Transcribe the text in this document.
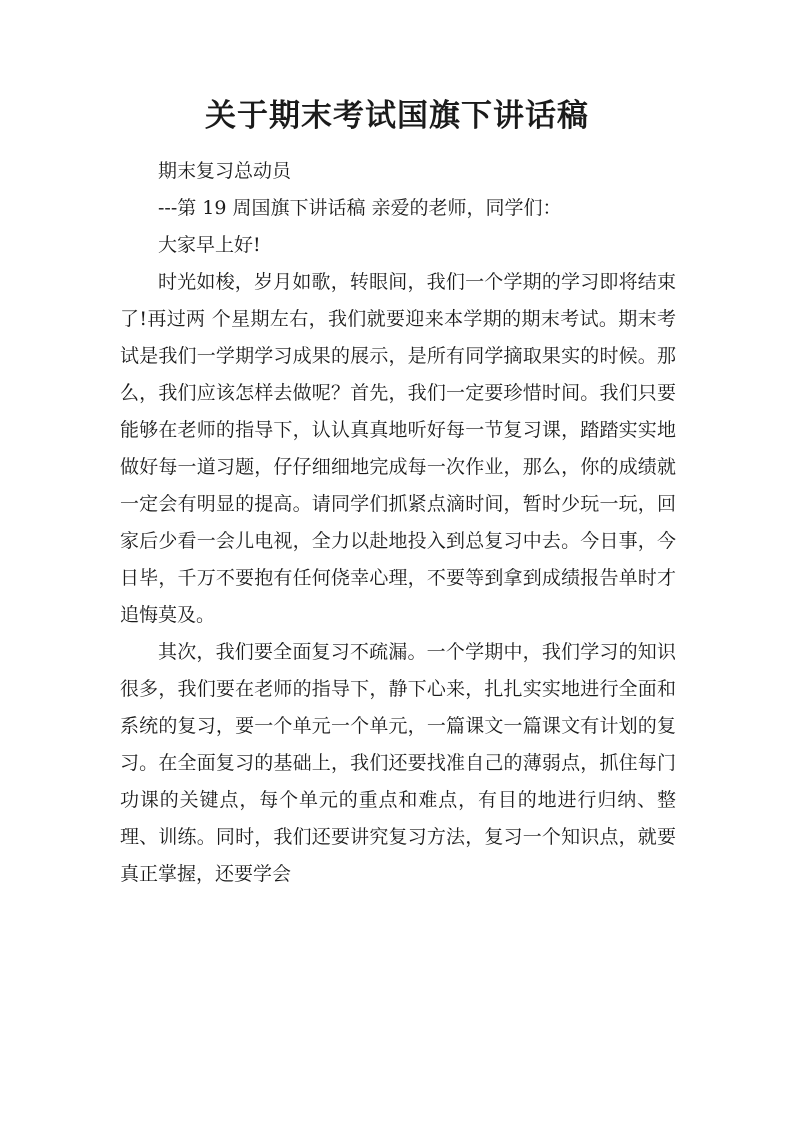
关于期末考试国旗下讲话稿

期末复习总动员

---第 19 周国旗下讲话稿 亲爱的老师，同学们：

大家早上好!

时光如梭，岁月如歌，转眼间，我们一个学期的学习即将结束了!再过两 个星期左右，我们就要迎来本学期的期末考试。期末考试是我们一学期学习成果的展示，是所有同学摘取果实的时候。那么，我们应该怎样去做呢？首先，我们一定要珍惜时间。我们只要能够在老师的指导下，认认真真地听好每一节复习课，踏踏实实地做好每一道习题，仔仔细细地完成每一次作业，那么，你的成绩就一定会有明显的提高。请同学们抓紧点滴时间，暂时少玩一玩，回家后少看一会儿电视，全力以赴地投入到总复习中去。今日事，今日毕，千万不要抱有任何侥幸心理，不要等到拿到成绩报告单时才追悔莫及。

其次，我们要全面复习不疏漏。一个学期中，我们学习的知识很多，我们要在老师的指导下，静下心来，扎扎实实地进行全面和系统的复习，要一个单元一个单元，一篇课文一篇课文有计划的复习。在全面复习的基础上，我们还要找准自己的薄弱点，抓住每门功课的关键点，每个单元的重点和难点，有目的地进行归纳、整理、训练。同时，我们还要讲究复习方法，复习一个知识点，就要真正掌握，还要学会
